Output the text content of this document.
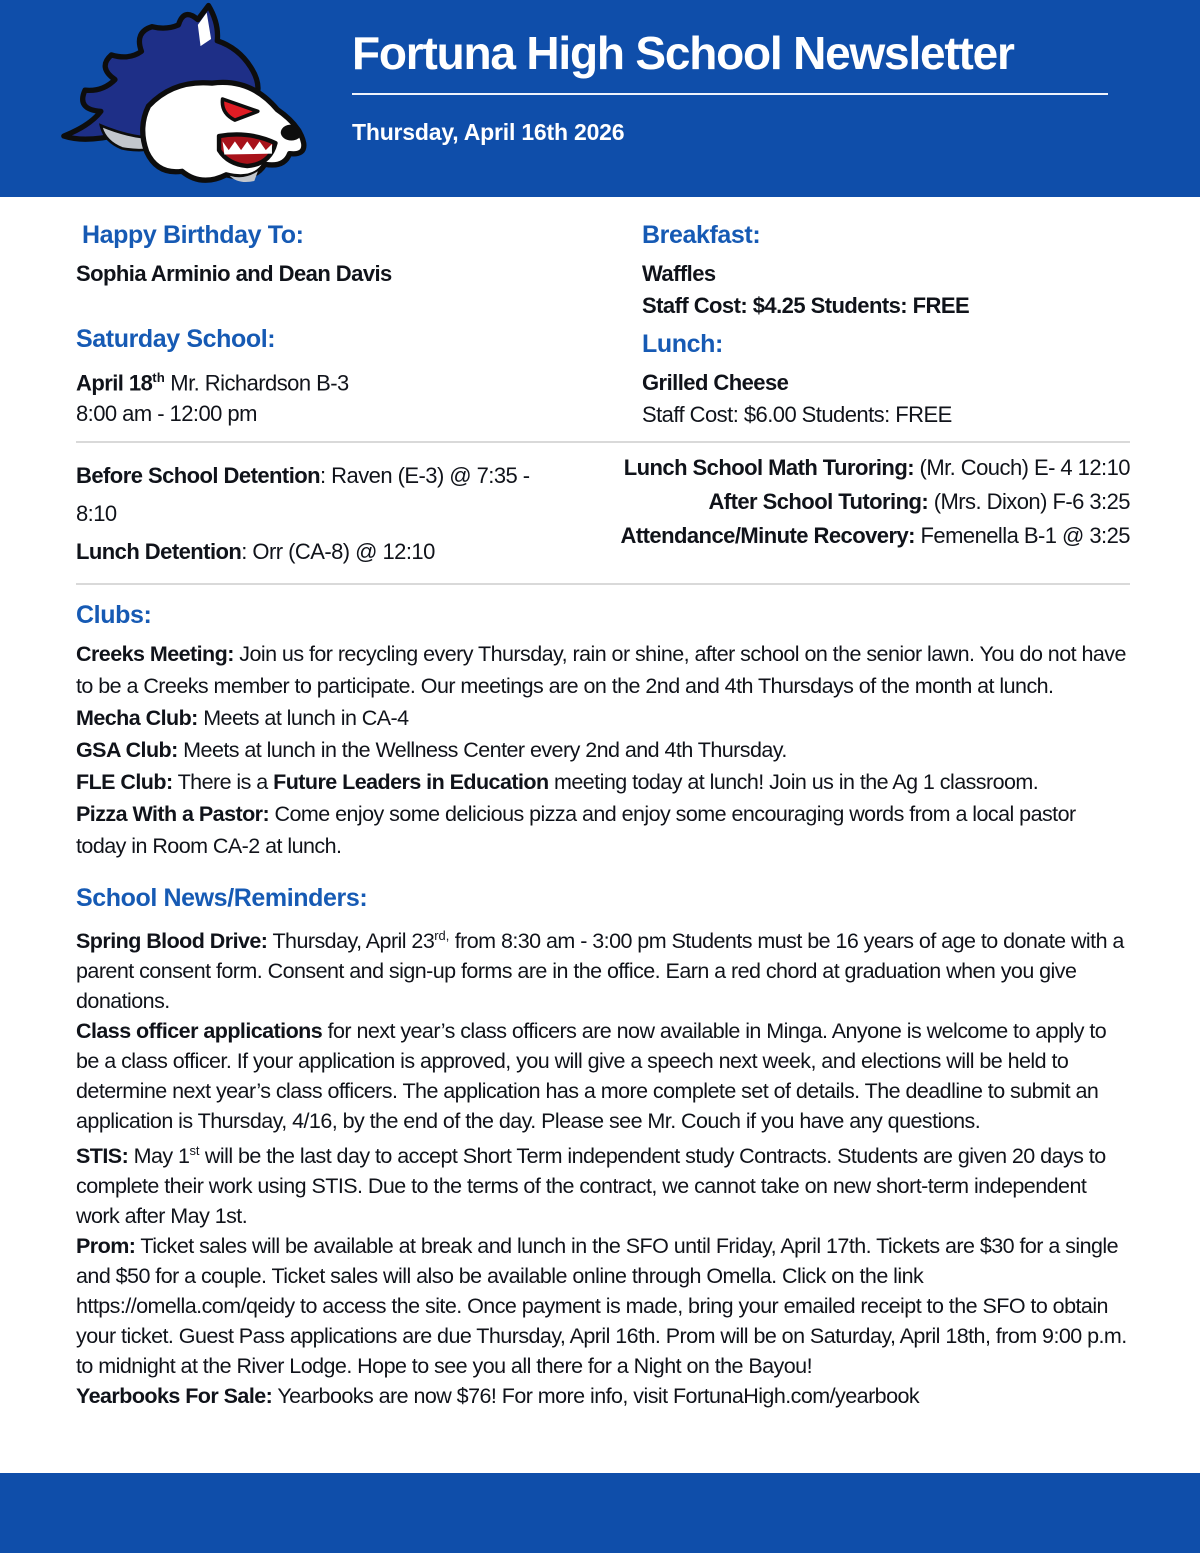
Fortuna High School Newsletter
Thursday, April 16th 2026
Happy Birthday To:

Sophia Arminio and Dean Davis

Saturday School:

April 18th Mr. Richardson B-3

8:00 am - 12:00 pm

Breakfast:

Waffles

Staff Cost: $4.25 Students: FREE

Lunch:

Grilled Cheese

Staff Cost: $6.00 Students: FREE

Before School Detention: Raven (E-3) @ 7:35 - 8:10

Lunch Detention: Orr (CA-8) @ 12:10

Lunch School Math Turoring: (Mr. Couch) E- 4 12:10

After School Tutoring: (Mrs. Dixon) F-6 3:25

Attendance/Minute Recovery: Femenella B-1 @ 3:25

Clubs:

Creeks Meeting: Join us for recycling every Thursday, rain or shine, after school on the senior lawn. You do not have to be a Creeks member to participate. Our meetings are on the 2nd and 4th Thursdays of the month at lunch.

Mecha Club: Meets at lunch in CA-4

GSA Club: Meets at lunch in the Wellness Center every 2nd and 4th Thursday.

FLE Club: There is a Future Leaders in Education meeting today at lunch! Join us in the Ag 1 classroom.

Pizza With a Pastor: Come enjoy some delicious pizza and enjoy some encouraging words from a local pastor today in Room CA-2 at lunch.

School News/Reminders:

Spring Blood Drive: Thursday, April $23^{rd,}$ from 8:30 am - 3:00 pm Students must be 16 years of age to donate with a parent consent form. Consent and sign-up forms are in the office. Earn a red chord at graduation when you give donations.

Class officer applications for next year’s class officers are now available in Minga. Anyone is welcome to apply to be a class officer. If your application is approved, you will give a speech next week, and elections will be held to determine next year’s class officers. The application has a more complete set of details. The deadline to submit an application is Thursday, 4/16, by the end of the day. Please see Mr. Couch if you have any questions.

STIS: May 1st will be the last day to accept Short Term independent study Contracts. Students are given 20 days to complete their work using STIS. Due to the terms of the contract, we cannot take on new short-term independent work after May 1st.

Prom: Ticket sales will be available at break and lunch in the SFO until Friday, April 17th. Tickets are $30 for a single and $50 for a couple. Ticket sales will also be available online through Omella. Click on the link https://omella.com/qeidy to access the site. Once payment is made, bring your emailed receipt to the SFO to obtain your ticket. Guest Pass applications are due Thursday, April 16th. Prom will be on Saturday, April 18th, from 9:00 p.m. to midnight at the River Lodge. Hope to see you all there for a Night on the Bayou!

Yearbooks For Sale: Yearbooks are now $76! For more info, visit FortunaHigh.com/yearbook
